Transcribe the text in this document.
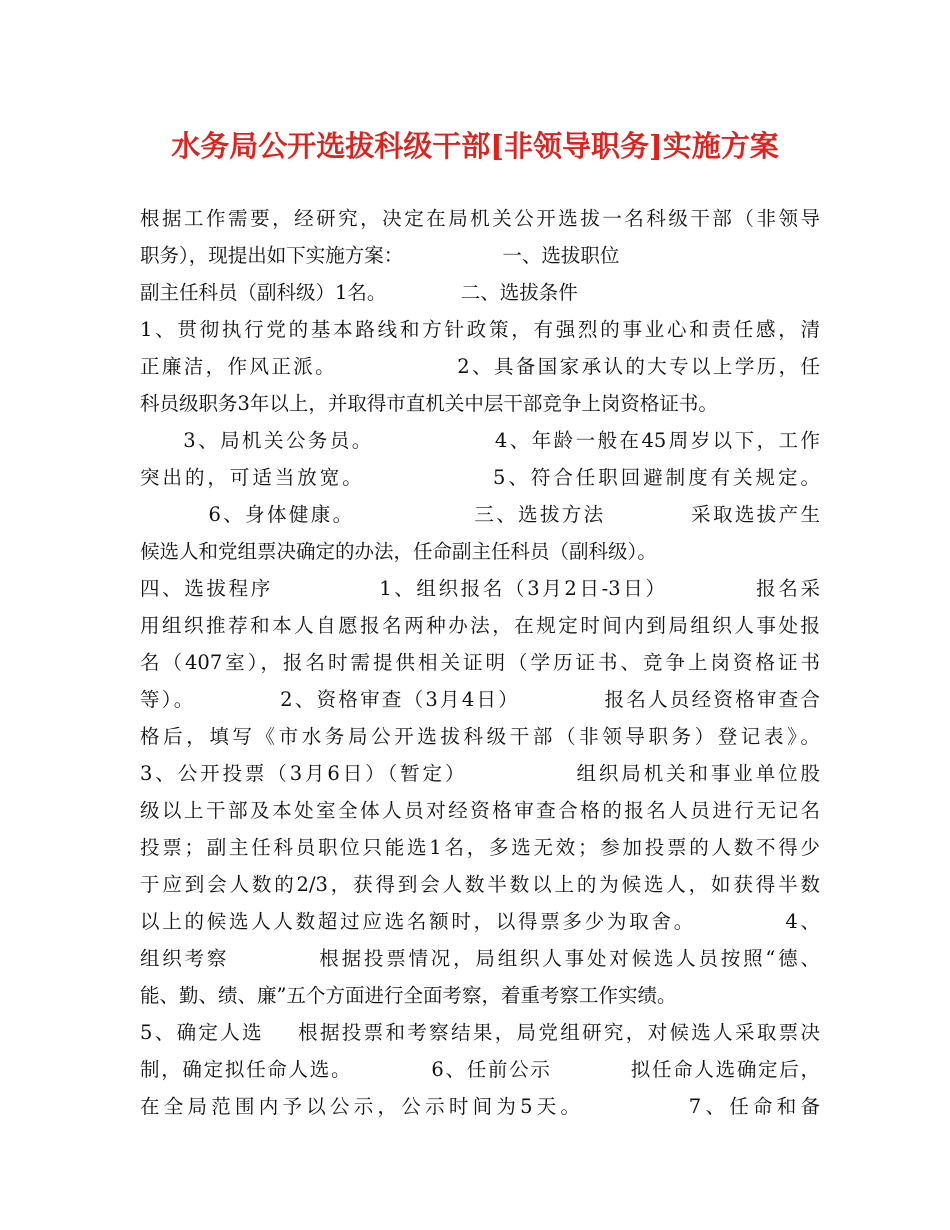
水务局公开选拔科级干部[非领导职务]实施方案
根据工作需要，经研究，决定在局机关公开选拔一名科级干部（非领导
职务），现提出如下实施方案：                一、选拔职位
副主任科员（副科级）1名。            二、选拔条件
1、贯彻执行党的基本路线和方针政策，有强烈的事业心和责任感，清
正廉洁，作风正派。              2、具备国家承认的大专以上学历，任
科员级职务3年以上，并取得市直机关中层干部竞争上岗资格证书。
3、局机关公务员。              4、年龄一般在45周岁以下，工作
突出的，可适当放宽。              5、符合任职回避制度有关规定。
6、身体健康。              三、选拔方法          采取选拔产生
候选人和党组票决确定的办法，任命副主任科员（副科级）。
四、选拔程序            1、组织报名（3月2日-3日）          报名采
用组织推荐和本人自愿报名两种办法，在规定时间内到局组织人事处报
名（407室），报名时需提供相关证明（学历证书、竞争上岗资格证书
等）。          2、资格审查（3月4日）          报名人员经资格审查合
格后，填写《市水务局公开选拔科级干部（非领导职务）登记表》。
3、公开投票（3月6日）（暂定）            组织局机关和事业单位股
级以上干部及本处室全体人员对经资格审查合格的报名人员进行无记名
投票；副主任科员职位只能选1名，多选无效；参加投票的人数不得少
于应到会人数的2/3，获得到会人数半数以上的为候选人，如获得半数
以上的候选人人数超过应选名额时，以得票多少为取舍。          4、
组织考察          根据投票情况，局组织人事处对候选人员按照“德、
能、勤、绩、廉”五个方面进行全面考察，着重考察工作实绩。
5、确定人选    根据投票和考察结果，局党组研究，对候选人采取票决
制，确定拟任命人选。          6、任前公示          拟任命人选确定后，
在全局范围内予以公示，公示时间为5天。          7、任命和备
